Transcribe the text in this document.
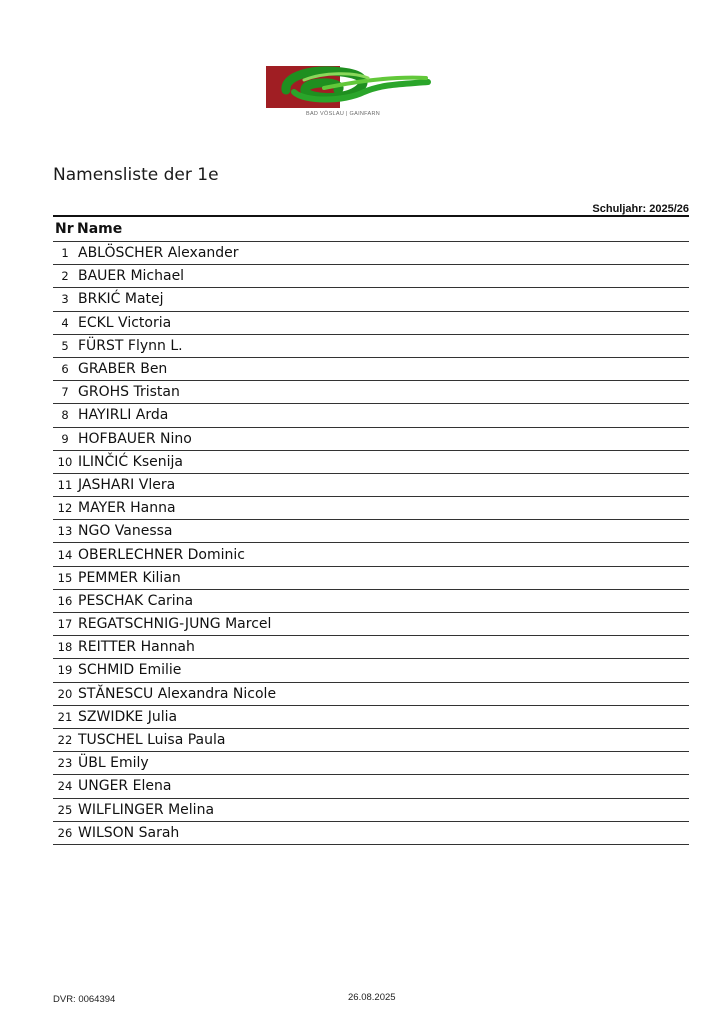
BAD VÖSLAU | GAINFARN
Namensliste der 1e
Schuljahr: 2025/26
Nr Name
1 ABLÖSCHER Alexander
2 BAUER Michael
3 BRKIĆ Matej
4 ECKL Victoria
5 FÜRST Flynn L.
6 GRABER Ben
7 GROHS Tristan
8 HAYIRLI Arda
9 HOFBAUER Nino
10 ILINČIĆ Ksenija
11 JASHARI Vlera
12 MAYER Hanna
13 NGO Vanessa
14 OBERLECHNER Dominic
15 PEMMER Kilian
16 PESCHAK Carina
17 REGATSCHNIG-JUNG Marcel
18 REITTER Hannah
19 SCHMID Emilie
20 STĂNESCU Alexandra Nicole
21 SZWIDKE Julia
22 TUSCHEL Luisa Paula
23 ÜBL Emily
24 UNGER Elena
25 WILFLINGER Melina
26 WILSON Sarah
DVR: 0064394	26.08.2025
